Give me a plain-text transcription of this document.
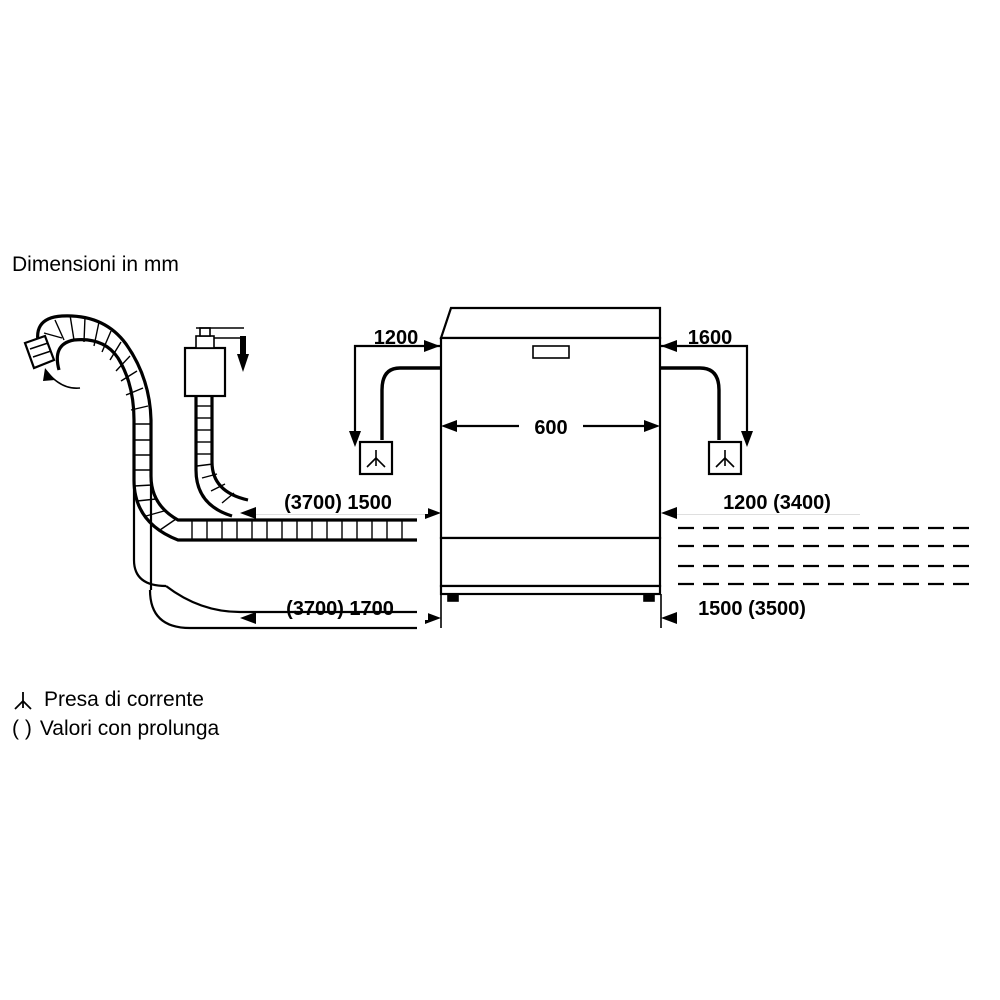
600
1200	1600
(3700) 1500
(3700) 1700
1200 (3400)
1500 (3500)
Dimensioni in mm
Presa di corrente
( ) Valori con prolunga
